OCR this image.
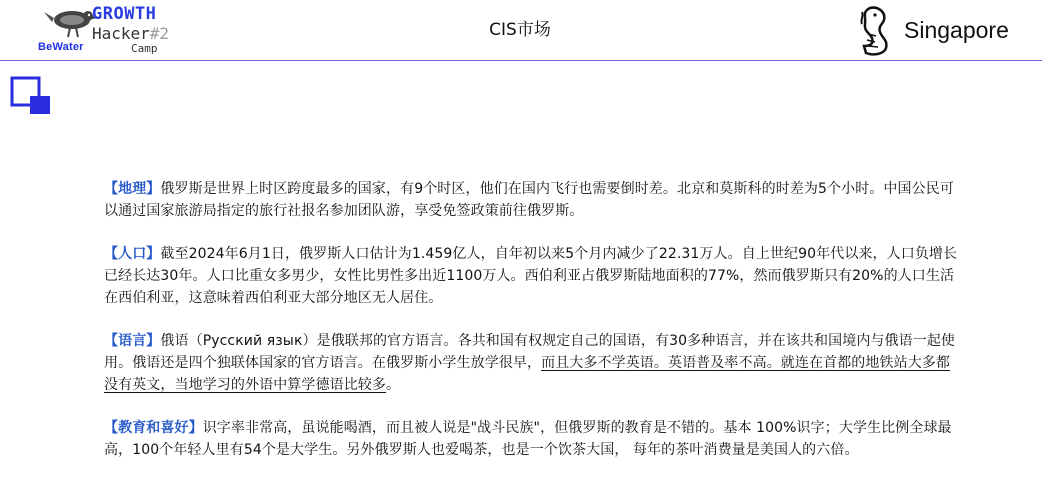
GROWTH
Hacker#2
Camp
BeWater
CIS市场	Singapore

【地理】俄罗斯是世界上时区跨度最多的国家，有9个时区，他们在国内飞行也需要倒时差。北京和莫斯科的时差为5个小时。中国公民可以通过国家旅游局指定的旅行社报名参加团队游，享受免签政策前往俄罗斯。

【人口】截至2024年6月1日，俄罗斯人口估计为1.459亿人，自年初以来5个月内减少了22.31万人。自上世纪90年代以来，人口负增长已经长达30年。人口比重女多男少，女性比男性多出近1100万人。西伯利亚占俄罗斯陆地面积的77%，然而俄罗斯只有20%的人口生活在西伯利亚，这意味着西伯利亚大部分地区无人居住。

【语言】俄语（Русский язык）是俄联邦的官方语言。各共和国有权规定自己的国语，有30多种语言，并在该共和国境内与俄语一起使用。俄语还是四个独联体国家的官方语言。在俄罗斯小学生放学很早，而且大多不学英语。英语普及率不高。就连在首都的地铁站大多都没有英文，当地学习的外语中算学德语比较多。

【教育和喜好】识字率非常高，虽说能喝酒，而且被人说是"战斗民族"，但俄罗斯的教育是不错的。基本 100%识字；大学生比例全球最高，100个年轻人里有54个是大学生。另外俄罗斯人也爱喝茶，也是一个饮茶大国， 每年的茶叶消费量是美国人的六倍。
